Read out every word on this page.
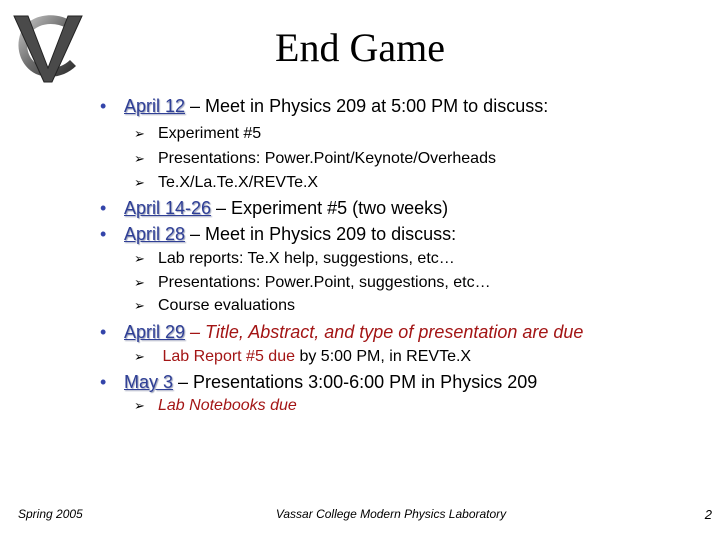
End Game
• April 12 – Meet in Physics 209 at 5:00 PM to discuss:
➢ Experiment #5
➢ Presentations: Power.Point/Keynote/Overheads
➢ Te.X/La.Te.X/REVTe.X
• April 14-26 – Experiment #5 (two weeks)
• April 28 – Meet in Physics 209 to discuss:
➢ Lab reports: Te.X help, suggestions, etc…
➢ Presentations: Power.Point, suggestions, etc…
➢ Course evaluations
• April 29 – Title, Abstract, and type of presentation are due
➢ Lab Report #5 due by 5:00 PM, in REVTe.X
• May 3 – Presentations 3:00-6:00 PM in Physics 209
➢ Lab Notebooks due
Spring 2005	Vassar College Modern Physics Laboratory	2
